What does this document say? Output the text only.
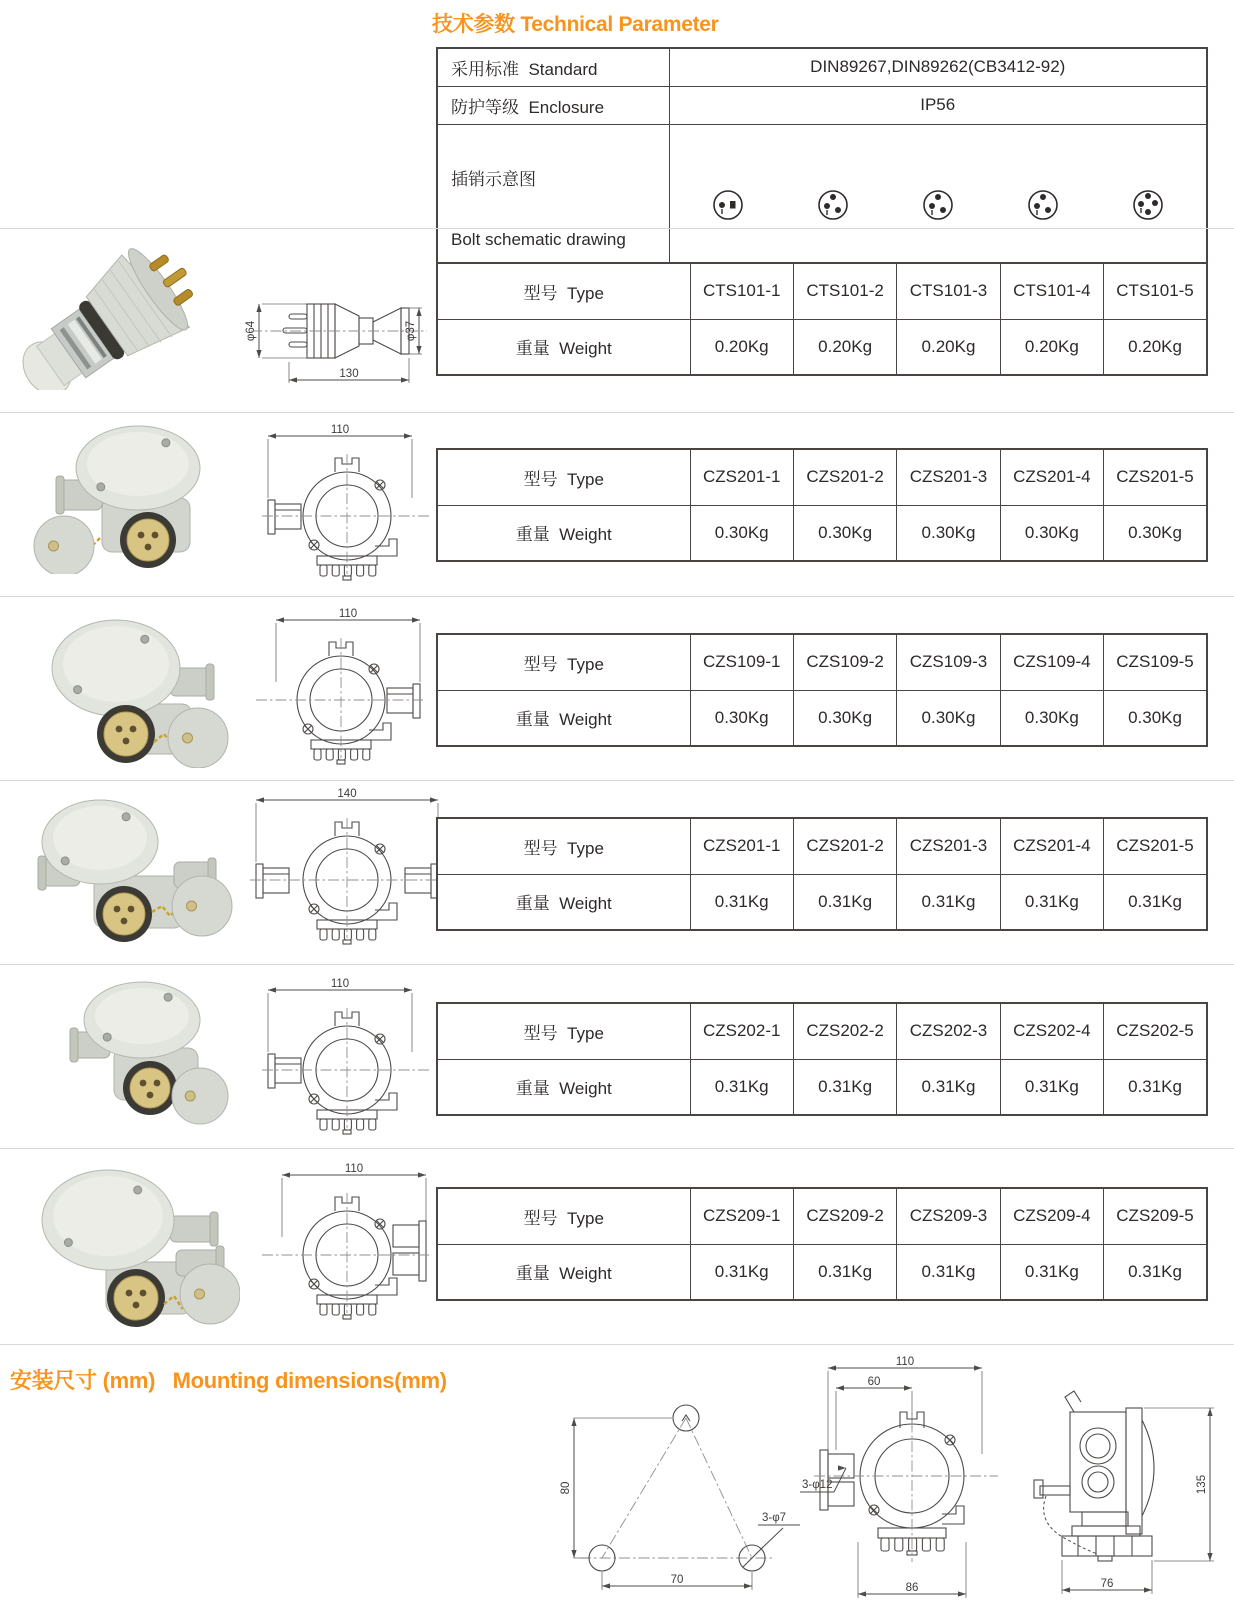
技术参数 Technical Parameter
采用标准  Standard	DIN89267,DIN89262(CB3412-92)				
防护等级  Enclosure	IP56				

插销示意图

Bolt schematic drawing

φ64	φ37
130
110
110
140
110
110
型号  Type	CTS101-1	CTS101-2	CTS101-3	CTS101-4	CTS101-5
重量  Weight	0.20Kg	0.20Kg	0.20Kg	0.20Kg	0.20Kg
型号  Type	CZS201-1	CZS201-2	CZS201-3	CZS201-4	CZS201-5
重量  Weight	0.30Kg	0.30Kg	0.30Kg	0.30Kg	0.30Kg
型号  Type	CZS109-1	CZS109-2	CZS109-3	CZS109-4	CZS109-5
重量  Weight	0.30Kg	0.30Kg	0.30Kg	0.30Kg	0.30Kg
型号  Type	CZS201-1	CZS201-2	CZS201-3	CZS201-4	CZS201-5
重量  Weight	0.31Kg	0.31Kg	0.31Kg	0.31Kg	0.31Kg
型号  Type	CZS202-1	CZS202-2	CZS202-3	CZS202-4	CZS202-5
重量  Weight	0.31Kg	0.31Kg	0.31Kg	0.31Kg	0.31Kg
型号  Type	CZS209-1	CZS209-2	CZS209-3	CZS209-4	CZS209-5
重量  Weight	0.31Kg	0.31Kg	0.31Kg	0.31Kg	0.31Kg
安装尺寸 (mm)   Mounting dimensions(mm)
80
70
3-φ7
110
60
3-φ12
86
135
76
